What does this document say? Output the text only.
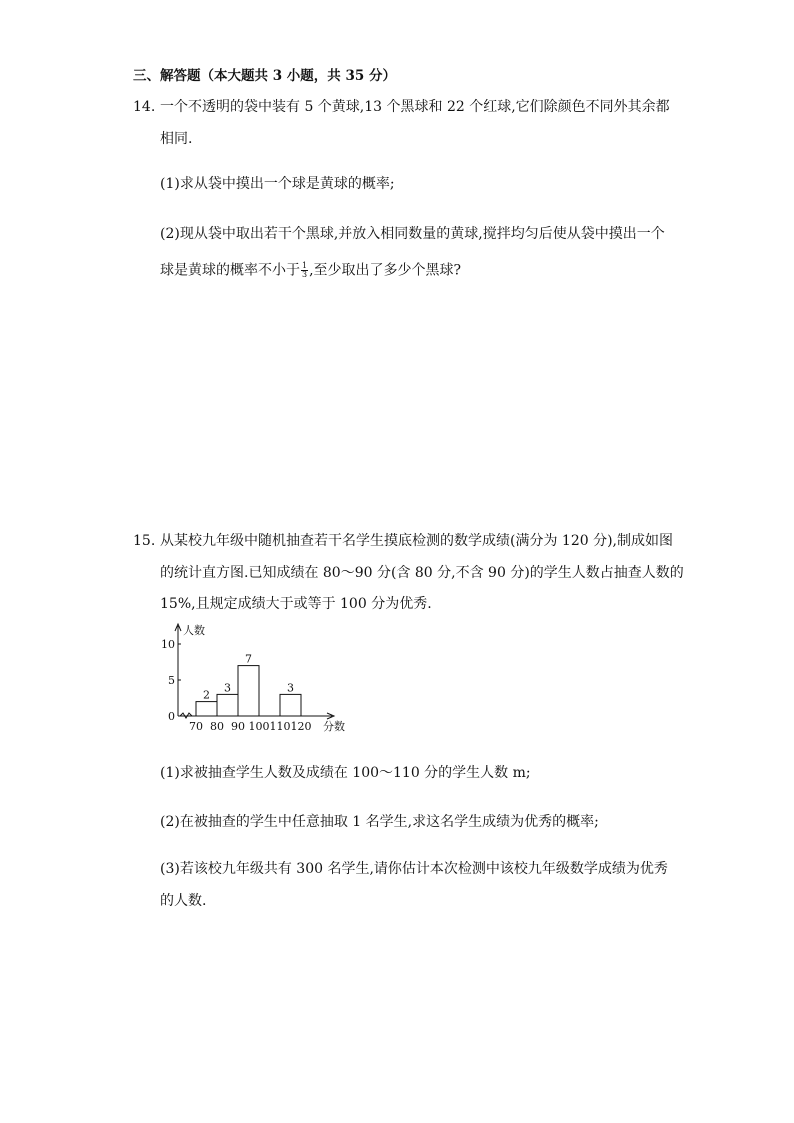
三、解答题（本大题共 3 小题，共 35 分）
14. 一个不透明的袋中装有 5 个黄球,13 个黑球和 22 个红球,它们除颜色不同外其余都
相同.
(1)求从袋中摸出一个球是黄球的概率;
(2)现从袋中取出若干个黑球,并放入相同数量的黄球,搅拌均匀后使从袋中摸出一个
球是黄球的概率不小于 $\frac{1}{3}$ ,至少取出了多少个黑球?
15. 从某校九年级中随机抽查若干名学生摸底检测的数学成绩(满分为 120 分),制成如图
的统计直方图.已知成绩在 80～90 分(含 80 分,不含 90 分)的学生人数占抽查人数的
15%,且规定成绩大于或等于 100 分为优秀.
0
5
10
人数
70 80 90 100 110 120 分数
2
3
7
3
(1)求被抽查学生人数及成绩在 100～110 分的学生人数 m;
(2)在被抽查的学生中任意抽取 1 名学生,求这名学生成绩为优秀的概率;
(3)若该校九年级共有 300 名学生,请你估计本次检测中该校九年级数学成绩为优秀
的人数.
